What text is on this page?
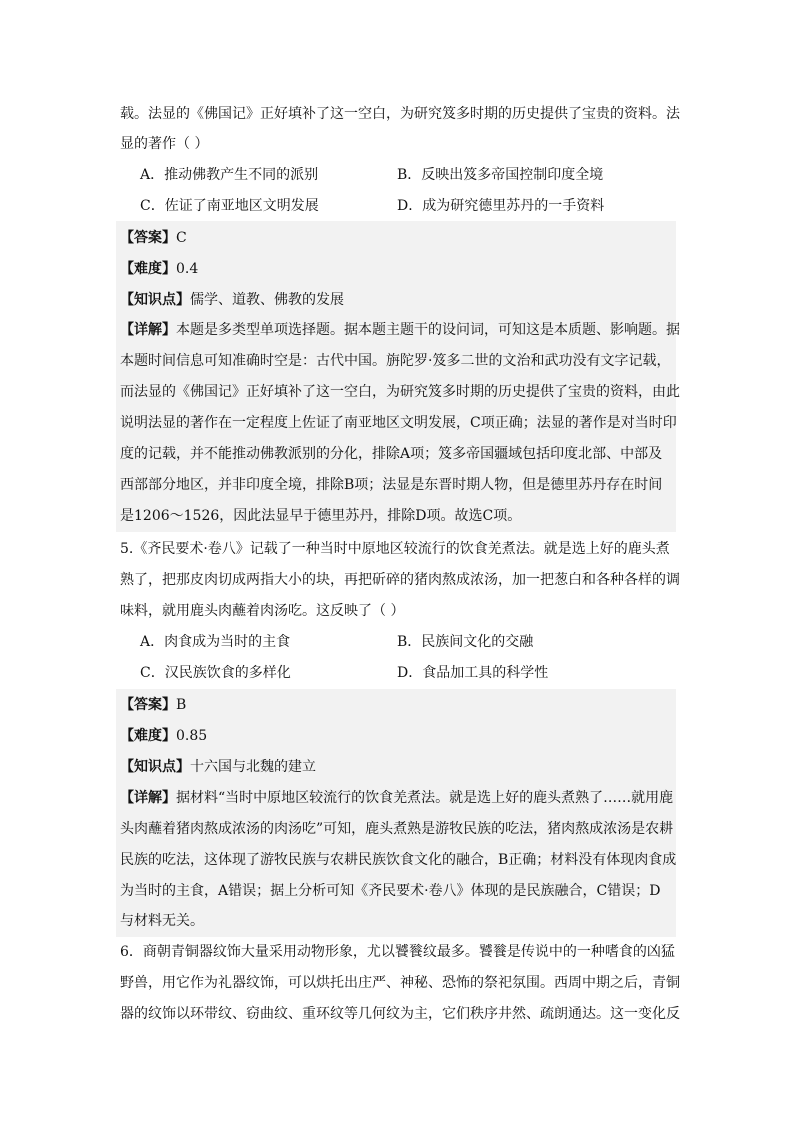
载。法显的《佛国记》正好填补了这一空白，为研究笈多时期的历史提供了宝贵的资料。法
显的著作（ ）
A．推动佛教产生不同的派别	B．反映出笈多帝国控制印度全境
C．佐证了南亚地区文明发展	D．成为研究德里苏丹的一手资料
【答案】C
【难度】0.4
【知识点】儒学、道教、佛教的发展
【详解】本题是多类型单项选择题。据本题主题干的设问词，可知这是本质题、影响题。据
本题时间信息可知准确时空是：古代中国。旃陀罗·笈多二世的文治和武功没有文字记载，
而法显的《佛国记》正好填补了这一空白，为研究笈多时期的历史提供了宝贵的资料，由此
说明法显的著作在一定程度上佐证了南亚地区文明发展，C项正确；法显的著作是对当时印
度的记载，并不能推动佛教派别的分化，排除A项；笈多帝国疆域包括印度北部、中部及
西部部分地区，并非印度全境，排除B项；法显是东晋时期人物，但是德里苏丹存在时间
是1206～1526，因此法显早于德里苏丹，排除D项。故选C项。
5.《齐民要术·卷八》记载了一种当时中原地区较流行的饮食羌煮法。就是选上好的鹿头煮
熟了，把那皮肉切成两指大小的块，再把斫碎的猪肉熬成浓汤，加一把葱白和各种各样的调
味料，就用鹿头肉蘸着肉汤吃。这反映了（ ）
A．肉食成为当时的主食	B．民族间文化的交融
C．汉民族饮食的多样化	D．食品加工具的科学性
【答案】B
【难度】0.85
【知识点】十六国与北魏的建立
【详解】据材料“当时中原地区较流行的饮食羌煮法。就是选上好的鹿头煮熟了……就用鹿
头肉蘸着猪肉熬成浓汤的肉汤吃”可知，鹿头煮熟是游牧民族的吃法，猪肉熬成浓汤是农耕
民族的吃法，这体现了游牧民族与农耕民族饮食文化的融合，B正确；材料没有体现肉食成
为当时的主食，A错误；据上分析可知《齐民要术·卷八》体现的是民族融合，C错误；D
与材料无关。
6．商朝青铜器纹饰大量采用动物形象，尤以饕餮纹最多。饕餮是传说中的一种嗜食的凶猛
野兽，用它作为礼器纹饰，可以烘托出庄严、神秘、恐怖的祭祀氛围。西周中期之后，青铜
器的纹饰以环带纹、窃曲纹、重环纹等几何纹为主，它们秩序井然、疏朗通达。这一变化反
